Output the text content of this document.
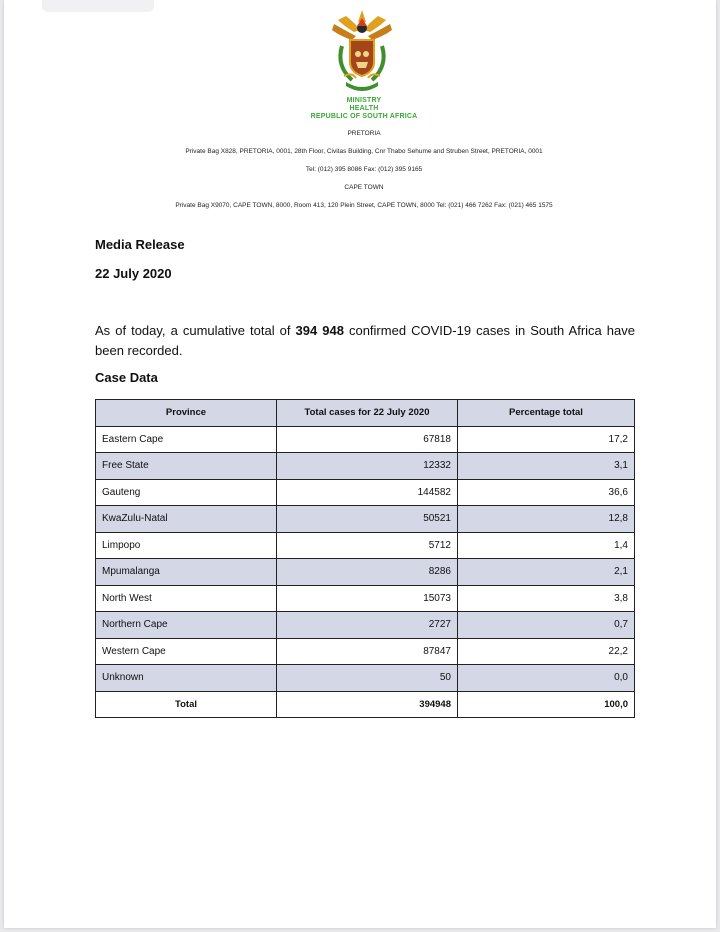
MINISTRY
HEALTH
REPUBLIC OF SOUTH AFRICA
PRETORIA
Private Bag X828, PRETORIA, 0001, 28th Floor, Civitas Building, Cnr Thabo Sehume and Struben Street, PRETORIA, 0001
Tel: (012) 395 8086 Fax: (012) 395 9165
CAPE TOWN
Private Bag X9070, CAPE TOWN, 8000, Room 413, 120 Plein Street, CAPE TOWN, 8000 Tel: (021) 466 7262 Fax: (021) 465 1575
Media Release
22 July 2020
As of today, a cumulative total of 394 948 confirmed COVID-19 cases in South Africa have been recorded.
Case Data
Province	Total cases for 22 July 2020	Percentage total
Eastern Cape	67818	17,2
Free State	12332	3,1
Gauteng	144582	36,6
KwaZulu-Natal	50521	12,8
Limpopo	5712	1,4
Mpumalanga	8286	2,1
North West	15073	3,8
Northern Cape	2727	0,7
Western Cape	87847	22,2
Unknown	50	0,0
Total	394948	100,0
